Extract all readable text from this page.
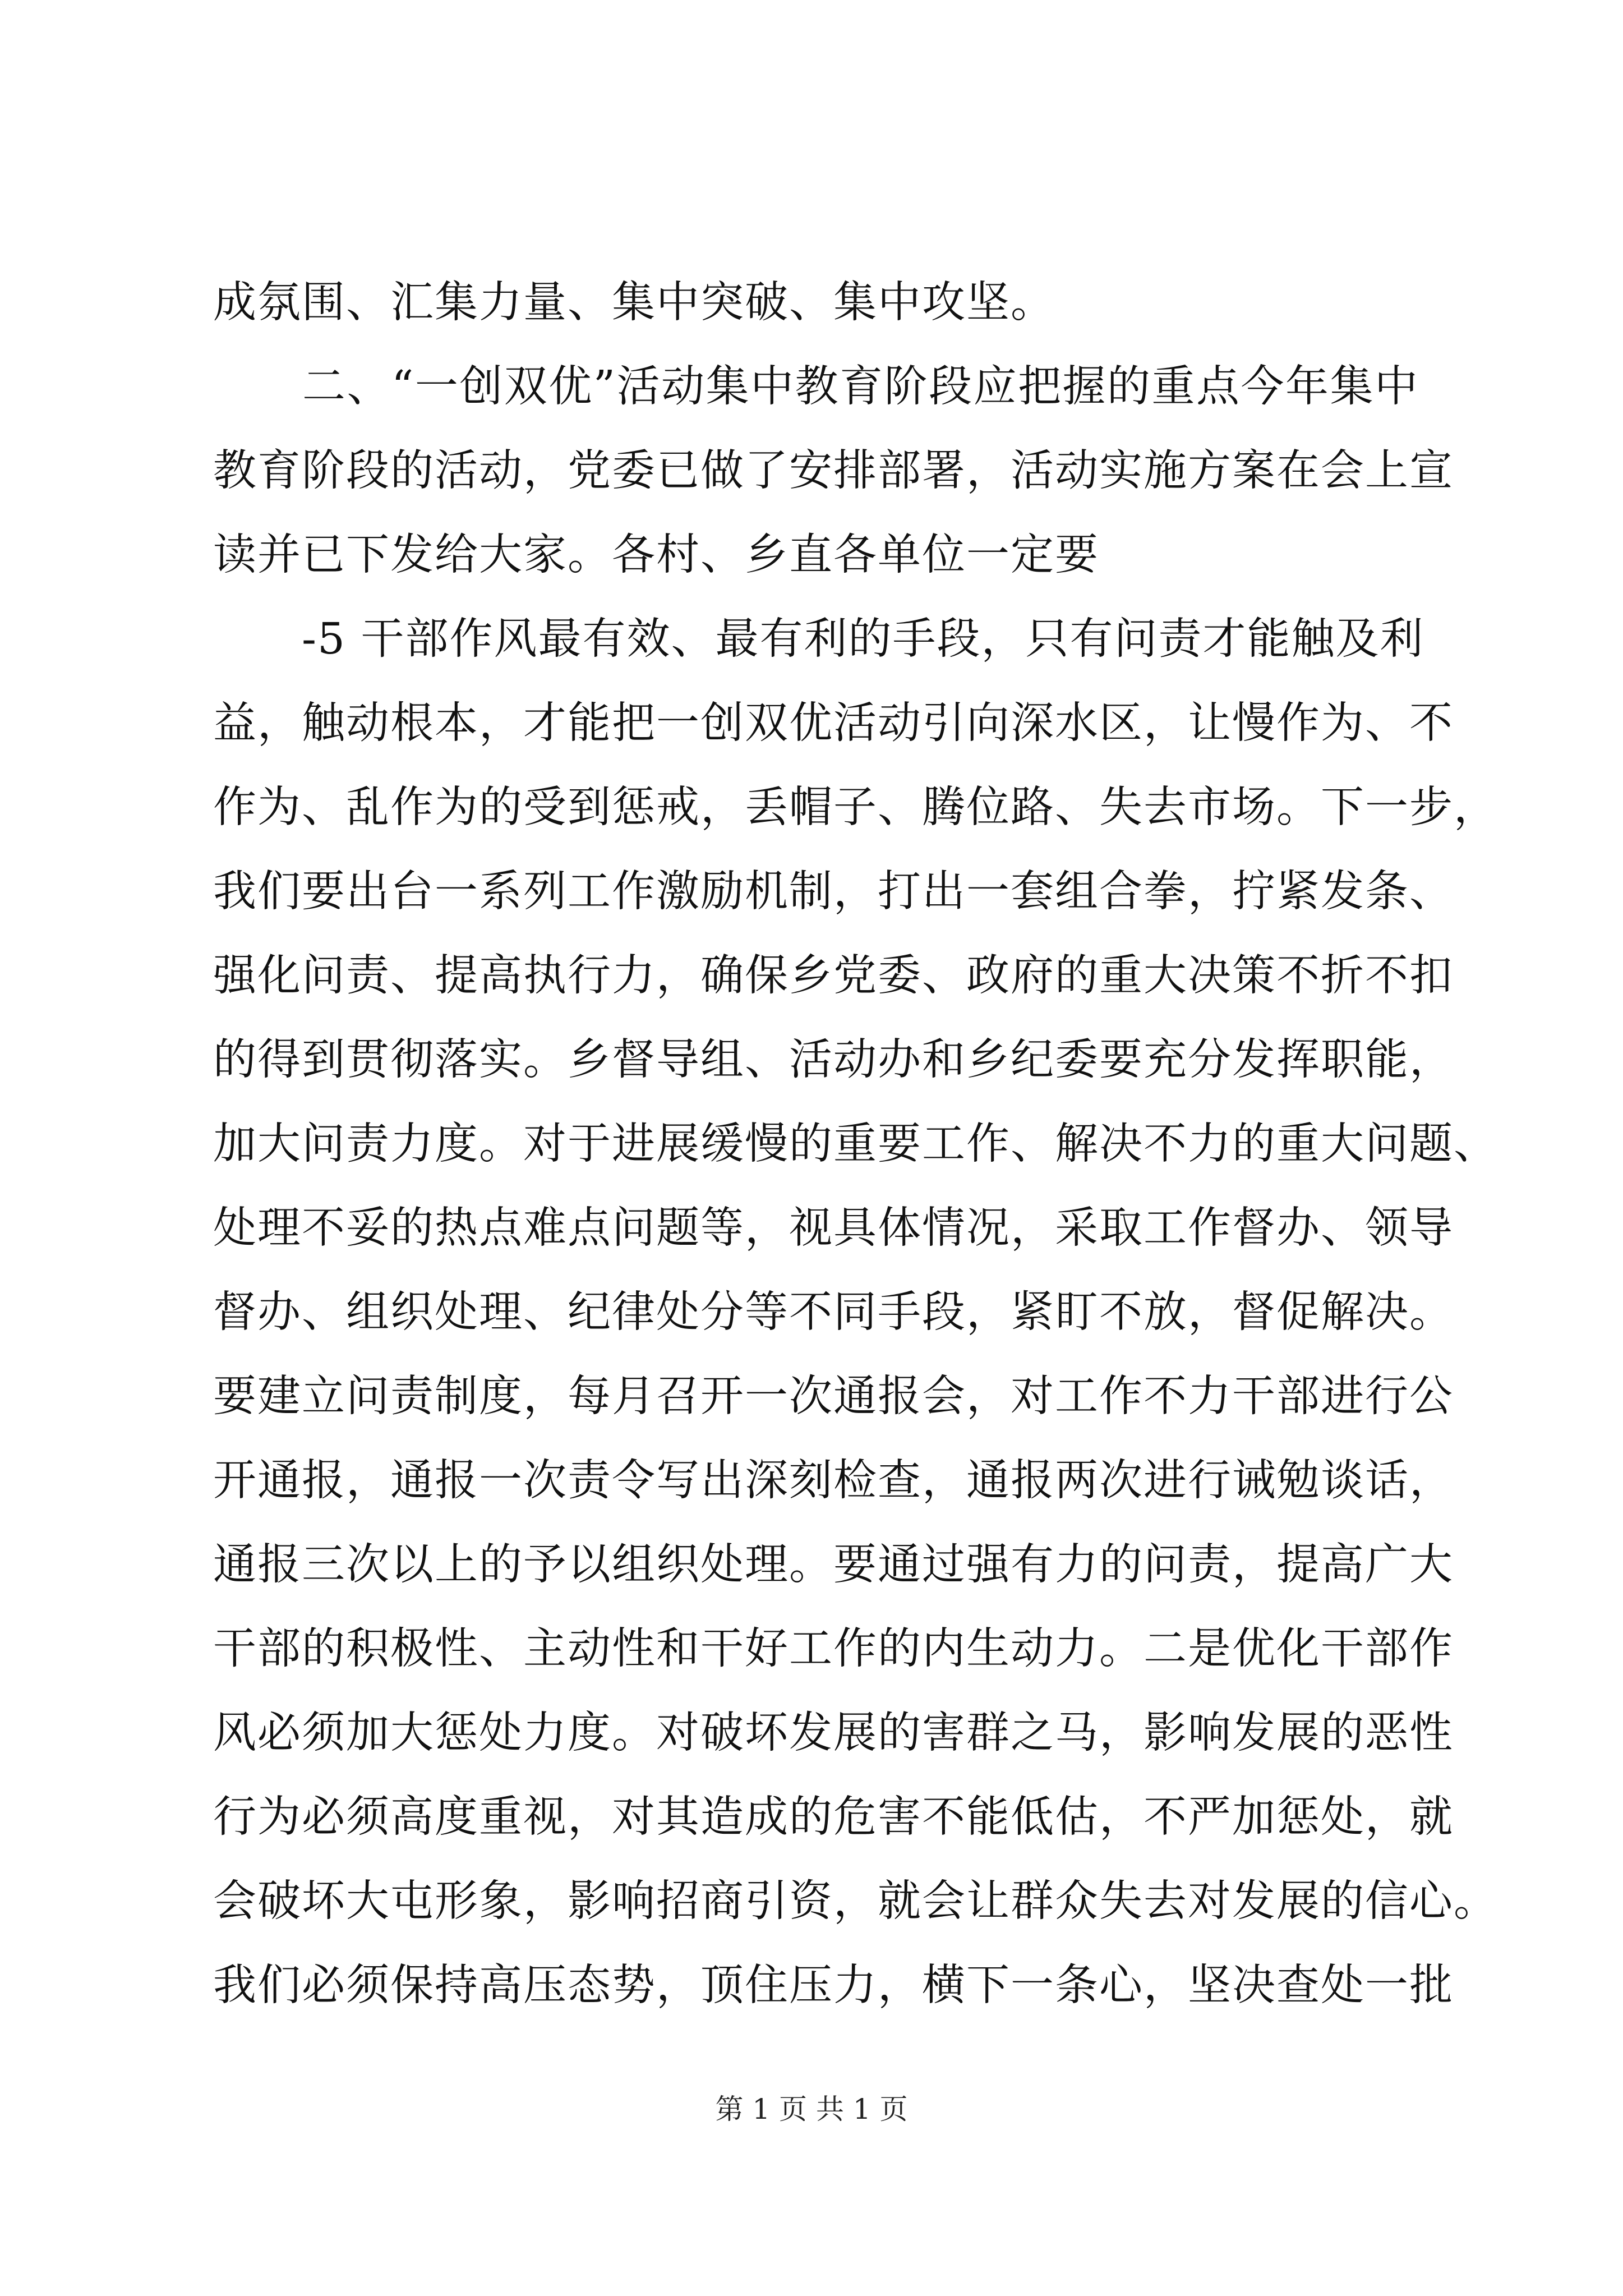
成氛围、汇集力量、集中突破、集中攻坚。
　　二、“一创双优”活动集中教育阶段应把握的重点今年集中
教育阶段的活动，党委已做了安排部署，活动实施方案在会上宣
读并已下发给大家。各村、乡直各单位一定要
　　-5 干部作风最有效、最有利的手段，只有问责才能触及利
益，触动根本，才能把一创双优活动引向深水区，让慢作为、不
作为、乱作为的受到惩戒，丢帽子、腾位路、失去市场。下一步，
我们要出台一系列工作激励机制，打出一套组合拳，拧紧发条、
强化问责、提高执行力，确保乡党委、政府的重大决策不折不扣
的得到贯彻落实。乡督导组、活动办和乡纪委要充分发挥职能，
加大问责力度。对于进展缓慢的重要工作、解决不力的重大问题、
处理不妥的热点难点问题等，视具体情况，采取工作督办、领导
督办、组织处理、纪律处分等不同手段，紧盯不放，督促解决。
要建立问责制度，每月召开一次通报会，对工作不力干部进行公
开通报，通报一次责令写出深刻检查，通报两次进行诫勉谈话，
通报三次以上的予以组织处理。要通过强有力的问责，提高广大
干部的积极性、主动性和干好工作的内生动力。二是优化干部作
风必须加大惩处力度。对破坏发展的害群之马，影响发展的恶性
行为必须高度重视，对其造成的危害不能低估，不严加惩处，就
会破坏大屯形象，影响招商引资，就会让群众失去对发展的信心。
我们必须保持高压态势，顶住压力，横下一条心，坚决查处一批
第 1 页 共 1 页
